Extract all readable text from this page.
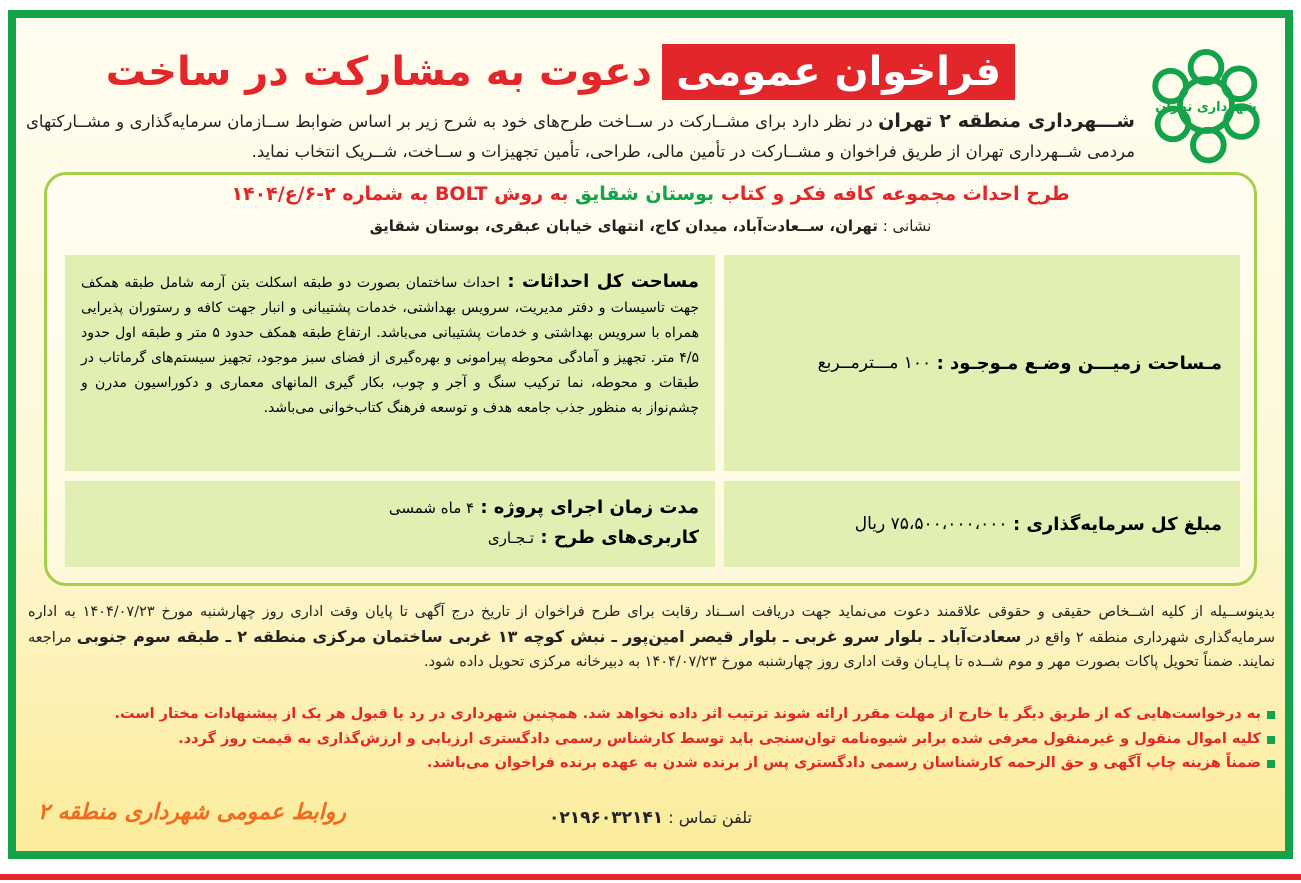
شهرداری تهران
فراخوان عمومی
دعوت به مشارکت در ساخت
شـــهرداری منطقه ۲ تهران در نظر دارد برای مشــارکت در ســاخت طرح‌های خود به شرح زیر بر اساس ضوابط ســازمان سرمایه‌گذاری و مشــارکتهای مردمی شــهرداری تهران از طریق فراخوان و مشــارکت در تأمین مالی، طراحی، تأمین تجهیزات و ســاخت، شــریک انتخاب نماید.
طرح احداث مجموعه کافه فکر و کتاب بوستان شقایق به روش BOLT به شماره ۲-۶/ع/۱۴۰۴
نشانی : تهران، ســعادت‌آباد، میدان کاج، انتهای خیابان عبقری، بوستان شقایق
مـساحت زمیـــن وضـع مـوجـود :

۱۰۰ مـــترمــربع
مساحت کل احداثات : احداث ساختمان بصورت دو طبقه اسکلت بتن آرمه شامل طبقه همکف جهت تاسیسات و دفتر مدیریت، سرویس بهداشتی، خدمات پشتیبانی و انبار جهت کافه و رستوران پذیرایی همراه با سرویس بهداشتی و خدمات پشتیبانی می‌باشد. ارتفاع طبقه همکف حدود ۵ متر و طبقه اول حدود ۴/۵ متر. تجهیز و آمادگی محوطه پیرامونی و بهره‌گیری از فضای سبز موجود، تجهیز سیستم‌های گرماتاب در طبقات و محوطه، نما ترکیب سنگ و آجر و چوب، بکار گیری المانهای معماری و دکوراسیون مدرن و چشم‌نواز به منظور جذب جامعه هدف و توسعه فرهنگ کتاب‌خوانی می‌باشد.
مبلغ کل سرمایه‌گذاری :

۷۵،۵۰۰،۰۰۰،۰۰۰ ریال
مدت زمان اجرای پروژه : ۴ ماه شمسی
کاربری‌های طرح : تـجـاری
بدینوســیله از کلیه اشــخاص حقیقی و حقوقی علاقمند دعوت می‌نماید جهت دریافت اســناد رقابت برای طرح فراخوان از تاریخ درج آگهی تا پایان وقت اداری روز چهارشنبه مورخ ۱۴۰۴/۰۷/۲۳ به اداره سرمایه‌گذاری شهرداری منطقه ۲ واقع در سعادت‌آباد ـ بلوار سرو غربی ـ بلوار قیصر امین‌پور ـ نبش کوچه ۱۳ غربی ساختمان مرکزی منطقه ۲ ـ طبقه سوم جنوبی مراجعه نمایند. ضمناً تحویل پاکات بصورت مهر و موم شــده تا پـایـان وقت اداری روز چهارشنبه مورخ ۱۴۰۴/۰۷/۲۳ به دبیرخانه مرکزی تحویل داده شود.
به درخواست‌هایی که از طریق دیگر یا خارج از مهلت مقرر ارائه شوند ترتیب اثر داده نخواهد شد. همچنین شهرداری در رد یا قبول هر یک از پیشنهادات مختار است.
کلیه اموال منقول و غیرمنقول معرفی شده برابر شیوه‌نامه توان‌سنجی باید توسط کارشناس رسمی دادگستری ارزیابی و ارزش‌گذاری به قیمت روز گردد.
ضمناً هزینه چاپ آگهی و حق الزحمه کارشناسان رسمی دادگستری پس از برنده شدن به عهده برنده فراخوان می‌باشد.
تلفن تماس : ۰۲۱۹۶۰۳۲۱۴۱
روابط عمومی شهرداری منطقه ۲
